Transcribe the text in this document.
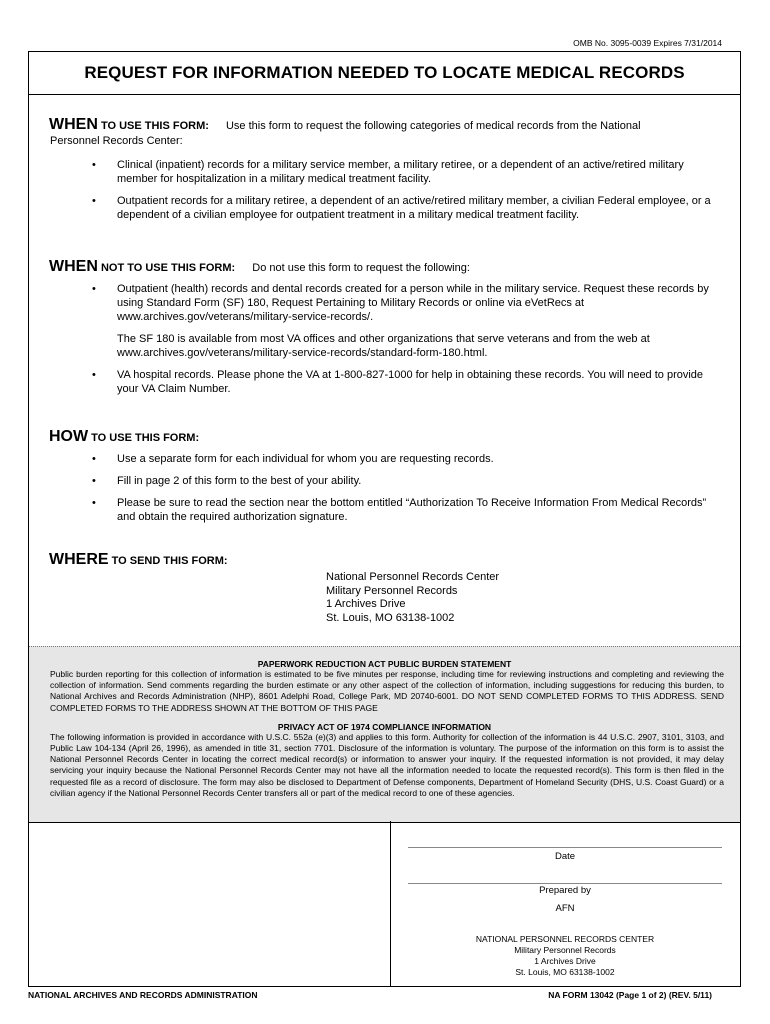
OMB No. 3095-0039 Expires 7/31/2014
REQUEST FOR INFORMATION NEEDED TO LOCATE MEDICAL RECORDS
WHEN TO USE THIS FORM: Use this form to request the following categories of medical records from the National
Personnel Records Center:
• Clinical (inpatient) records for a military service member, a military retiree, or a dependent of an active/retired military member for hospitalization in a military medical treatment facility.
• Outpatient records for a military retiree, a dependent of an active/retired military member, a civilian Federal employee, or a dependent of a civilian employee for outpatient treatment in a military medical treatment facility.
WHEN NOT TO USE THIS FORM: Do not use this form to request the following:
• Outpatient (health) records and dental records created for a person while in the military service. Request these records by using Standard Form (SF) 180, Request Pertaining to Military Records or online via eVetRecs at www.archives.gov/veterans/military-service-records/.
The SF 180 is available from most VA offices and other organizations that serve veterans and from the web at www.archives.gov/veterans/military-service-records/standard-form-180.html.
• VA hospital records. Please phone the VA at 1-800-827-1000 for help in obtaining these records. You will need to provide your VA Claim Number.
HOW TO USE THIS FORM:
• Use a separate form for each individual for whom you are requesting records.
• Fill in page 2 of this form to the best of your ability.
• Please be sure to read the section near the bottom entitled “Authorization To Receive Information From Medical Records” and obtain the required authorization signature.
WHERE TO SEND THIS FORM:
National Personnel Records Center
Military Personnel Records
1 Archives Drive
St. Louis, MO 63138-1002
PAPERWORK REDUCTION ACT PUBLIC BURDEN STATEMENT
Public burden reporting for this collection of information is estimated to be five minutes per response, including time for reviewing instructions and completing and reviewing the collection of information. Send comments regarding the burden estimate or any other aspect of the collection of information, including suggestions for reducing this burden, to National Archives and Records Administration (NHP), 8601 Adelphi Road, College Park, MD 20740-6001. DO NOT SEND COMPLETED FORMS TO THIS ADDRESS. SEND COMPLETED FORMS TO THE ADDRESS SHOWN AT THE BOTTOM OF THIS PAGE
PRIVACY ACT OF 1974 COMPLIANCE INFORMATION
The following information is provided in accordance with U.S.C. 552a (e)(3) and applies to this form. Authority for collection of the information is 44 U.S.C. 2907, 3101, 3103, and Public Law 104-134 (April 26, 1996), as amended in title 31, section 7701. Disclosure of the information is voluntary. The purpose of the information on this form is to assist the National Personnel Records Center in locating the correct medical record(s) or information to answer your inquiry. If the requested information is not provided, it may delay servicing your inquiry because the National Personnel Records Center may not have all the information needed to locate the requested record(s). This form is then filed in the requested file as a record of disclosure. The form may also be disclosed to Department of Defense components, Department of Homeland Security (DHS, U.S. Coast Guard) or a civilian agency if the National Personnel Records Center transfers all or part of the medical record to one of these agencies.
Date
Prepared by
AFN
NATIONAL PERSONNEL RECORDS CENTER
Military Personnel Records
1 Archives Drive
St. Louis, MO 63138-1002
NATIONAL ARCHIVES AND RECORDS ADMINISTRATION	NA FORM 13042 (Page 1 of 2) (REV. 5/11)
